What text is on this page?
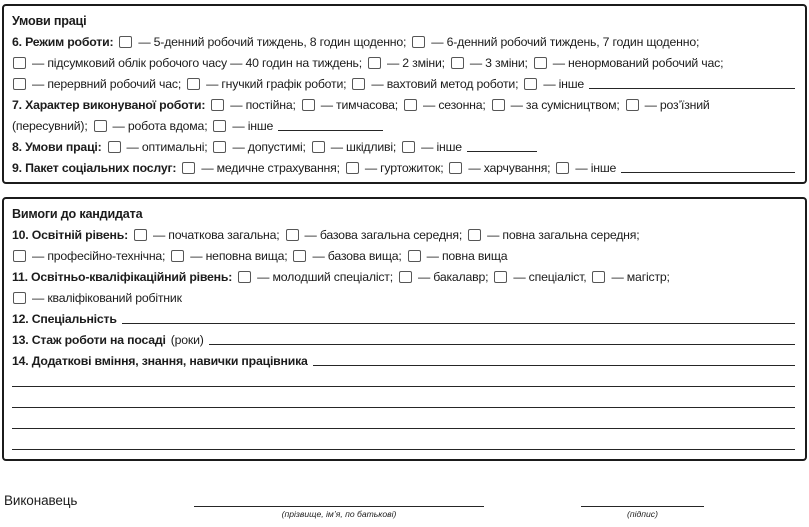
Умови праці
6. Режим роботи: — 5-денний робочий тиждень, 8 годин щоденно; — 6-денний робочий тиждень, 7 годин щоденно;
— підсумковий облік робочого часу — 40 годин на тиждень; — 2 зміни; — 3 зміни; — ненормований робочий час;
— перервний робочий час; — гнучкий графік роботи; — вахтовий метод роботи; — інше
7. Характер виконуваної роботи: — постійна; — тимчасова; — сезонна; — за сумісництвом; — роз’їзний
(пересувний); — робота вдома; — інше
8. Умови праці: — оптимальні; — допустимі; — шкідливі; — інше
9. Пакет соціальних послуг: — медичне страхування; — гуртожиток; — харчування; — інше
Вимоги до кандидата
10. Освітній рівень: — початкова загальна; — базова загальна середня; — повна загальна середня;
— професійно-технічна; — неповна вища; — базова вища; — повна вища
11. Освітньо-кваліфікаційний рівень: — молодший спеціаліст; — бакалавр; — спеціаліст, — магістр;
— кваліфікований робітник
12. Спеціальність
13. Стаж роботи на посаді (роки)
14. Додаткові вміння, знання, навички працівника
Виконавець
(прізвище, ім’я, по батькові)	(підпис)
